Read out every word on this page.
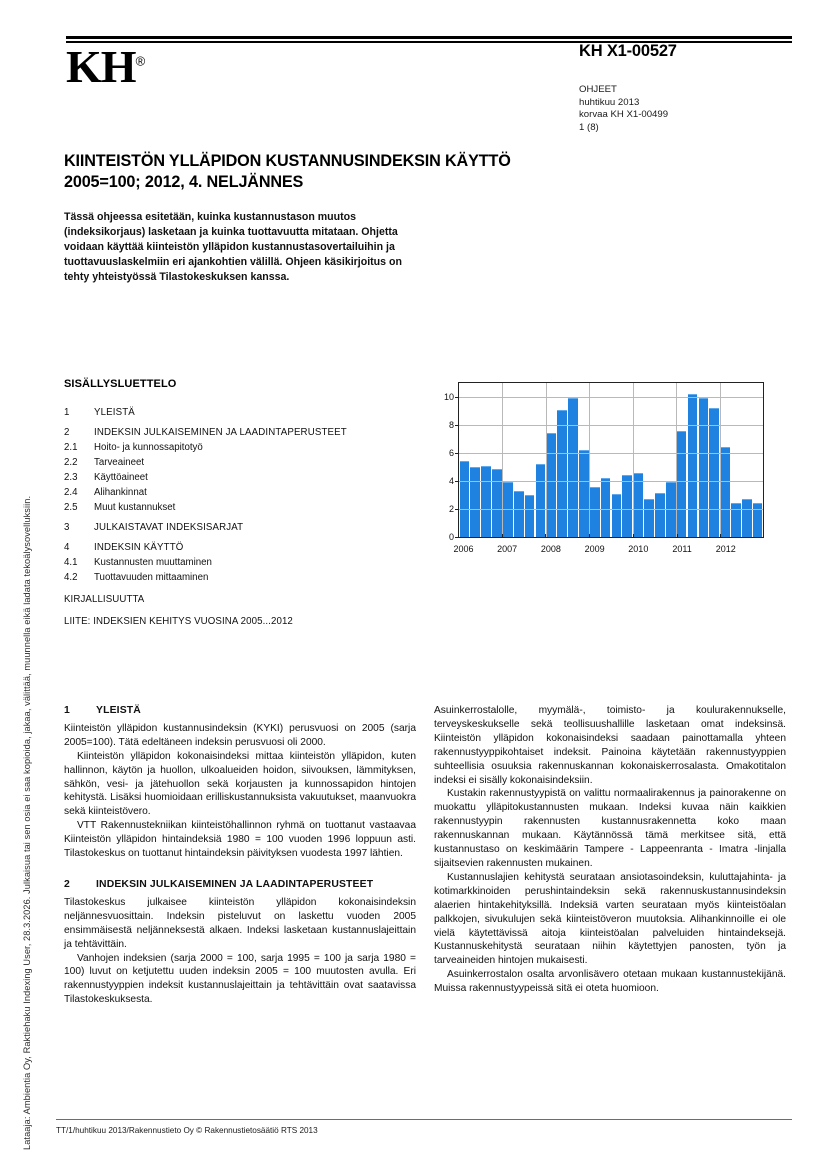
Lataaja: Ambientia Oy, Raktiehaku Indexing User, 28.3.2026. Julkaisua tai sen osia ei saa kopioida, jakaa, välittää, muunnella eikä ladata tekoälysovelluksiin.
KH®
KH X1-00527
OHJEET
huhtikuu 2013
korvaa KH X1-00499
1 (8)
KIINTEISTÖN YLLÄPIDON KUSTANNUSINDEKSIN KÄYTTÖ 2005=100; 2012, 4. NELJÄNNES
Tässä ohjeessa esitetään, kuinka kustannustason muutos (indeksikorjaus) lasketaan ja kuinka tuottavuutta mitataan. Ohjetta voidaan käyttää kiinteistön ylläpidon kustannustasovertailuihin ja tuottavuuslaskelmiin eri ajankohtien välillä. Ohjeen käsikirjoitus on tehty yhteistyössä Tilastokeskuksen kanssa.
SISÄLLYSLUETTELO
1	YLEISTÄ
2	INDEKSIN JULKAISEMINEN JA LAADINTAPERUSTEET
2.1	Hoito- ja kunnossapitotyö
2.2	Tarveaineet
2.3	Käyttöaineet
2.4	Alihankinnat
2.5	Muut kustannukset
3	JULKAISTAVAT INDEKSISARJAT
4	INDEKSIN KÄYTTÖ
4.1	Kustannusten muuttaminen
4.2	Tuottavuuden mittaaminen
KIRJALLISUUTTA
LIITE: INDEKSIEN KEHITYS VUOSINA 2005...2012
0
2
4
6
8
10
2006	2007	2008	2009	2010	2011	2012
1	YLEISTÄ
Kiinteistön ylläpidon kustannusindeksin (KYKI) perusvuosi on 2005 (sarja 2005=100). Tätä edeltäneen indeksin perusvuosi oli 2000.
Kiinteistön ylläpidon kokonaisindeksi mittaa kiinteistön ylläpidon, kuten hallinnon, käytön ja huollon, ulkoalueiden hoidon, siivouksen, lämmityksen, sähkön, vesi- ja jätehuollon sekä korjausten ja kunnossapidon hintojen kehitystä. Lisäksi huomioidaan erilliskustannuksista vakuutukset, maanvuokra sekä kiinteistövero.
VTT Rakennustekniikan kiinteistöhallinnon ryhmä on tuottanut vastaavaa Kiinteistön ylläpidon hintaindeksiä 1980 = 100 vuoden 1996 loppuun asti. Tilastokeskus on tuottanut hintaindeksin päivityksen vuodesta 1997 lähtien.
2	INDEKSIN JULKAISEMINEN JA LAADINTAPERUSTEET
Tilastokeskus julkaisee kiinteistön ylläpidon kokonaisindeksin neljännesvuosittain. Indeksin pisteluvut on laskettu vuoden 2005 ensimmäisestä neljänneksestä alkaen. Indeksi lasketaan kustannuslajeittain ja tehtävittäin.
Vanhojen indeksien (sarja 2000 = 100, sarja 1995 = 100 ja sarja 1980 = 100) luvut on ketjutettu uuden indeksin 2005 = 100 muutosten avulla. Eri rakennustyyppien indeksit kustannuslajeittain ja tehtävittäin ovat saatavissa Tilastokeskuksesta.
Asuinkerrostalolle, myymälä-, toimisto- ja koulurakennukselle, terveyskeskukselle sekä teollisuushallille lasketaan omat indeksinsä. Kiinteistön ylläpidon kokonaisindeksi saadaan painottamalla yhteen rakennustyyppikohtaiset indeksit. Painoina käytetään rakennustyyppien suhteellisia osuuksia rakennuskannan kokonaiskerrosalasta. Omakotitalon indeksi ei sisälly kokonaisindeksiin.
Kustakin rakennustyypistä on valittu normaalirakennus ja painorakenne on muokattu ylläpitokustannusten mukaan. Indeksi kuvaa näin kaikkien rakennustyypin rakennusten kustannusrakennetta koko maan rakennuskannan mukaan. Käytännössä tämä merkitsee sitä, että kustannustaso on keskimäärin Tampere - Lappeenranta - Imatra -linjalla sijaitsevien rakennusten mukainen.
Kustannuslajien kehitystä seurataan ansiotasoindeksin, kuluttajahinta- ja kotimarkkinoiden perushintaindeksin sekä rakennuskustannusindeksin alaerien hintakehityksillä. Indeksiä varten seurataan myös kiinteistöalan palkkojen, sivukulujen sekä kiinteistöveron muutoksia. Alihankinnoille ei ole vielä käytettävissä aitoja kiinteistöalan palveluiden hintaindeksejä. Kustannuskehitystä seurataan niihin käytettyjen panosten, työn ja tarveaineiden hintojen mukaisesti.
Asuinkerrostalon osalta arvonlisävero otetaan mukaan kustannustekijänä. Muissa rakennustyypeissä sitä ei oteta huomioon.
TT/1/huhtikuu 2013/Rakennustieto Oy © Rakennustietosäätiö RTS 2013
